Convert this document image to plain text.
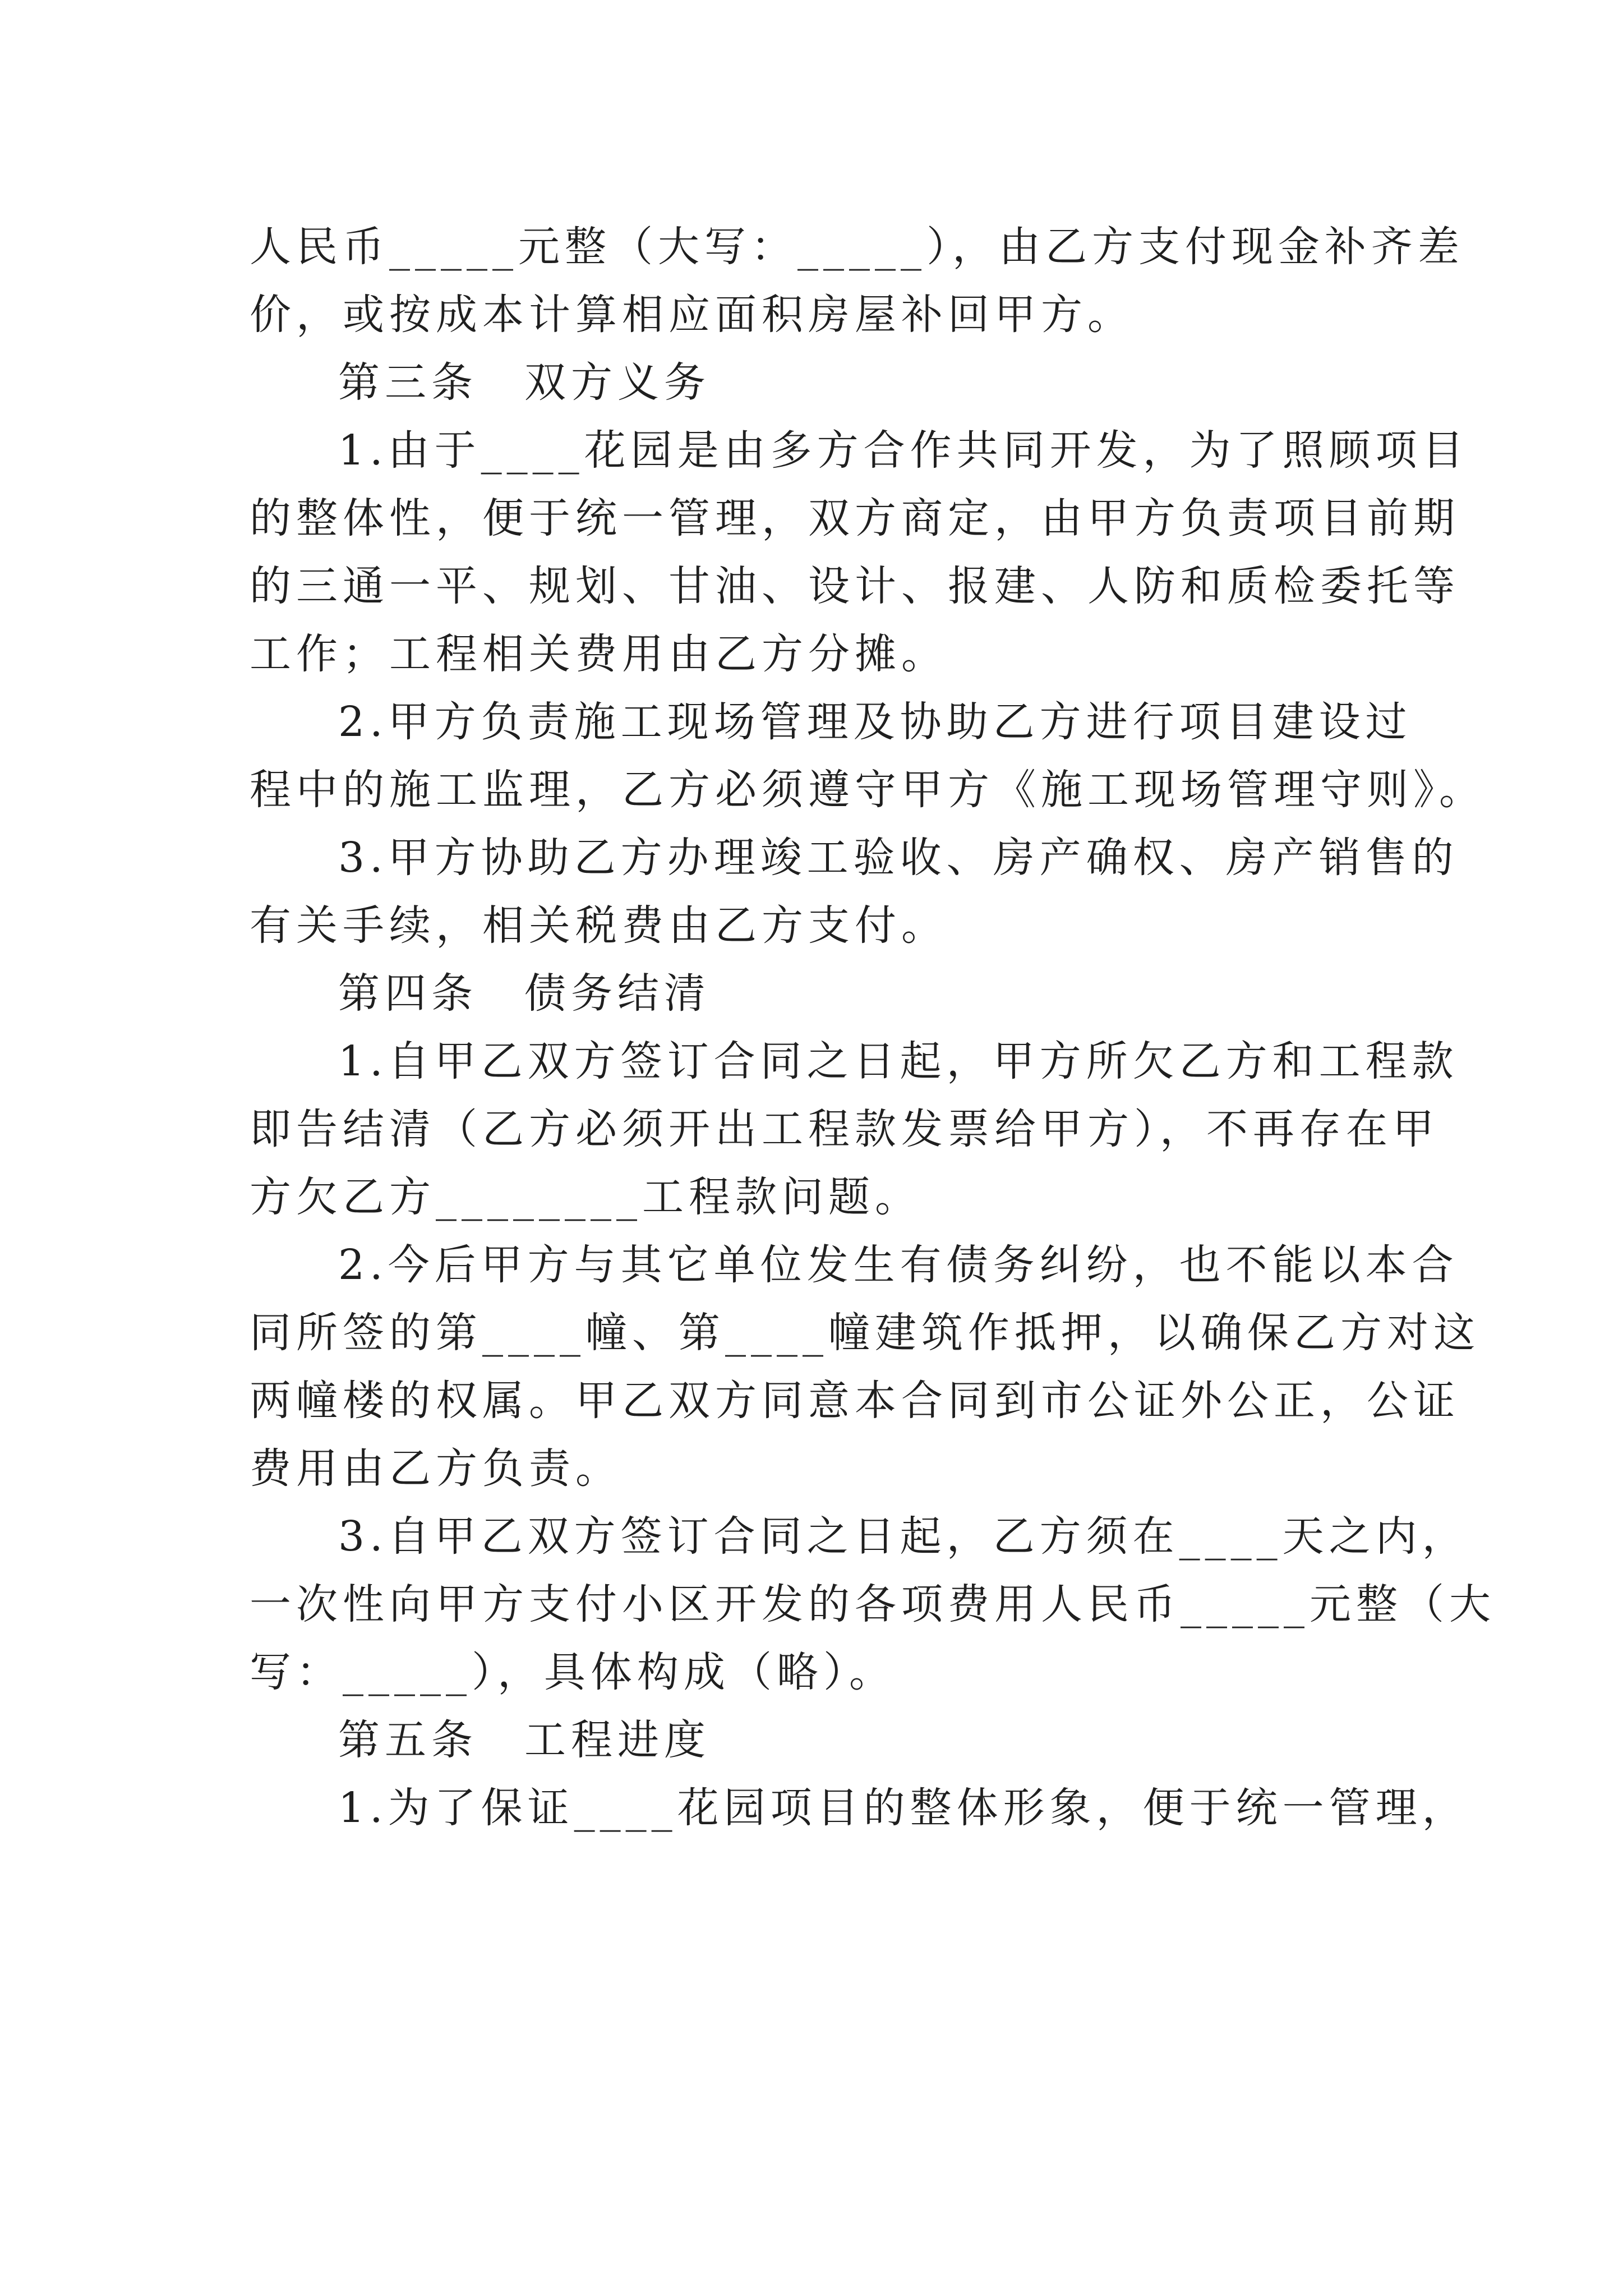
人民币_____元整（大写：_____），由乙方支付现金补齐差
价，或按成本计算相应面积房屋补回甲方。
第三条　双方义务
1.由于____花园是由多方合作共同开发，为了照顾项目
的整体性，便于统一管理，双方商定，由甲方负责项目前期
的三通一平、规划、甘油、设计、报建、人防和质检委托等
工作；工程相关费用由乙方分摊。
2.甲方负责施工现场管理及协助乙方进行项目建设过
程中的施工监理，乙方必须遵守甲方《施工现场管理守则》。
3.甲方协助乙方办理竣工验收、房产确权、房产销售的
有关手续，相关税费由乙方支付。
第四条　债务结清
1.自甲乙双方签订合同之日起，甲方所欠乙方和工程款
即告结清（乙方必须开出工程款发票给甲方），不再存在甲
方欠乙方________工程款问题。
2.今后甲方与其它单位发生有债务纠纷，也不能以本合
同所签的第____幢、第____幢建筑作抵押，以确保乙方对这
两幢楼的权属。甲乙双方同意本合同到市公证外公正，公证
费用由乙方负责。
3.自甲乙双方签订合同之日起，乙方须在____天之内，
一次性向甲方支付小区开发的各项费用人民币_____元整（大
写：_____），具体构成（略）。
第五条　工程进度
1.为了保证____花园项目的整体形象，便于统一管理，
